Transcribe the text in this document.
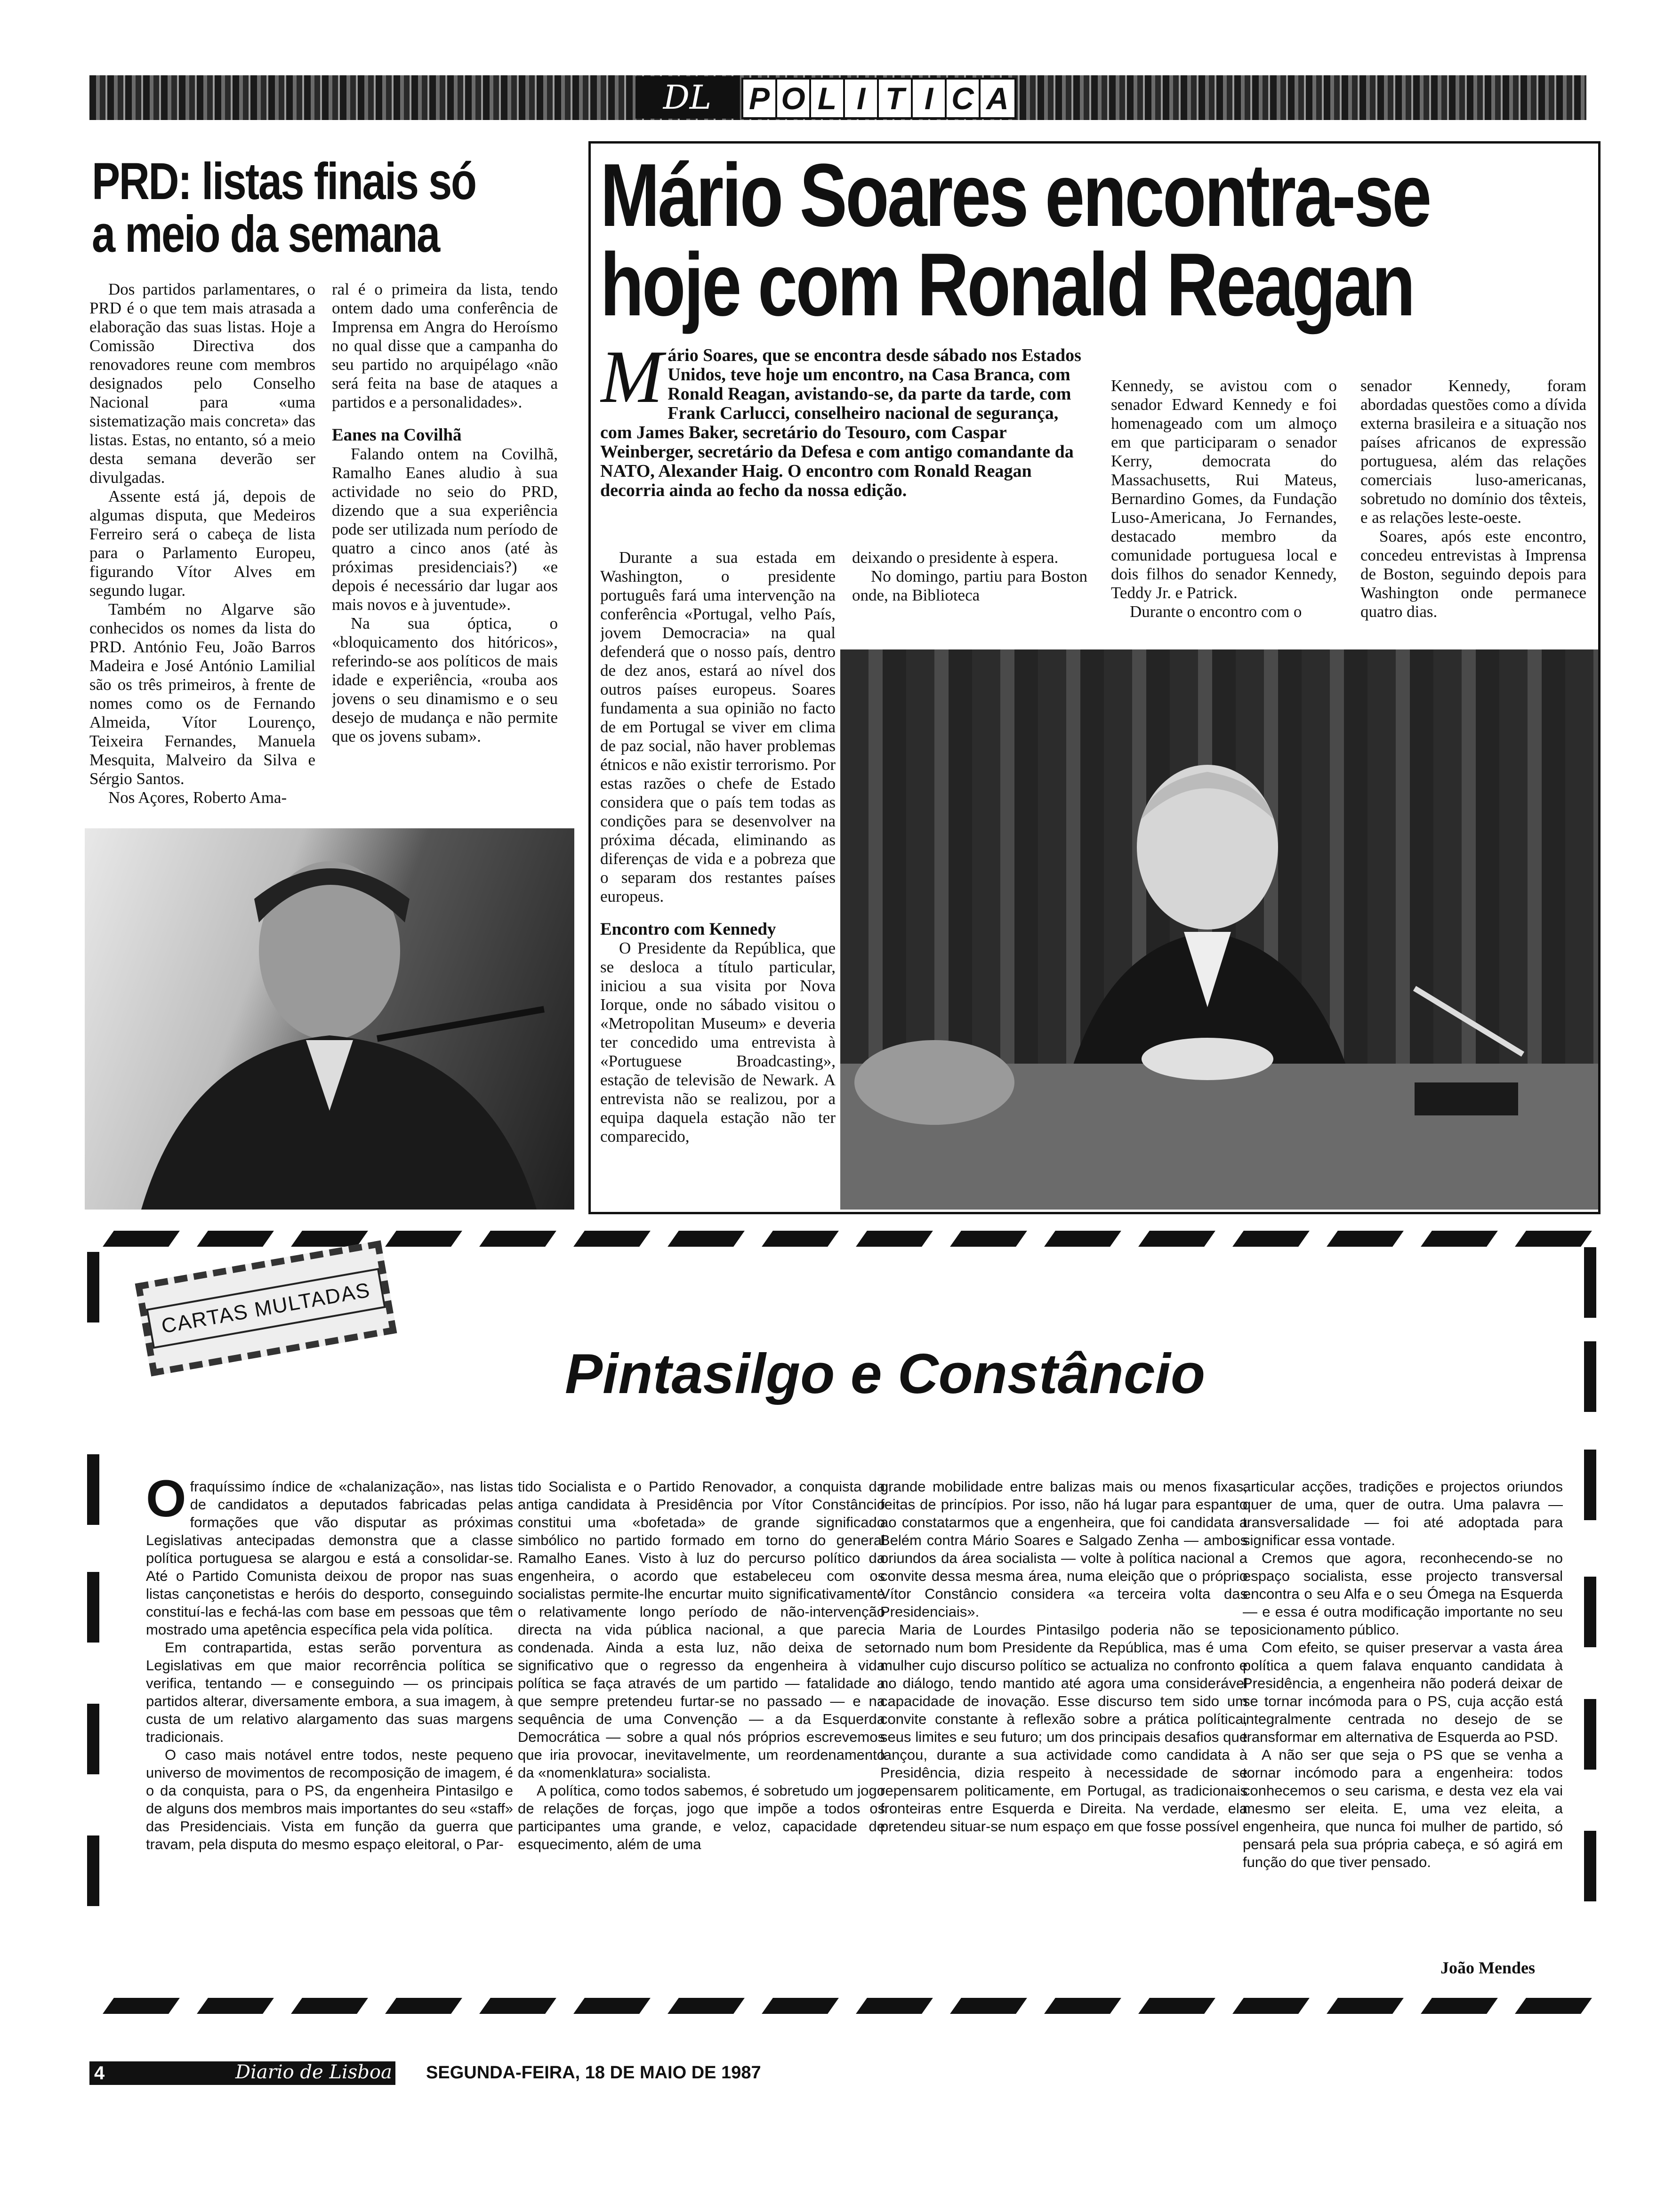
DL	P O L I T I C A
PRD: listas finais só
a meio da semana

Dos partidos parlamentares, o PRD é o que tem mais atrasada a elaboração das suas listas. Hoje a Comissão Directiva dos renovadores reune com membros designados pelo Conselho Nacional para «uma sistematização mais concreta» das listas. Estas, no entanto, só a meio desta semana deverão ser divulgadas.

Assente está já, depois de algumas disputa, que Medeiros Ferreiro será o cabeça de lista para o Parlamento Europeu, figurando Vítor Alves em segundo lugar.

Também no Algarve são conhecidos os nomes da lista do PRD. António Feu, João Barros Madeira e José António Lamilial são os três primeiros, à frente de nomes como os de Fernando Almeida, Vítor Lourenço, Teixeira Fernandes, Manuela Mesquita, Malveiro da Silva e Sérgio Santos.

Nos Açores, Roberto Ama-

ral é o primeira da lista, tendo ontem dado uma conferência de Imprensa em Angra do Heroísmo no qual disse que a campanha do seu partido no arquipélago «não será feita na base de ataques a partidos e a personalidades».

Eanes na Covilhã

Falando ontem na Covilhã, Ramalho Eanes aludio à sua actividade no seio do PRD, dizendo que a sua experiência pode ser utilizada num período de quatro a cinco anos (até às próximas presidenciais?) «e depois é necessário dar lugar aos mais novos e à juventude».

Na sua óptica, o «bloquicamento dos hitóricos», referindo-se aos políticos de mais idade e experiência, «rouba aos jovens o seu dinamismo e o seu desejo de mudança e não permite que os jovens subam».

Mário Soares encontra-se
hoje com Ronald Reagan
M ário Soares, que se encontra desde sábado nos Estados Unidos, teve hoje um encontro, na Casa Branca, com Ronald Reagan, avistando-se, da parte da tarde, com Frank Carlucci, conselheiro nacional de segurança, com James Baker, secretário do Tesouro, com Caspar Weinberger, secretário da Defesa e com antigo comandante da NATO, Alexander Haig. O encontro com Ronald Reagan decorria ainda ao fecho da nossa edição.

Kennedy, se avistou com o senador Edward Kennedy e foi homenageado com um almoço em que participaram o senador Kerry, democrata do Massachusetts, Rui Mateus, Bernardino Gomes, da Fundação Luso-Americana, Jo Fernandes, destacado membro da comunidade portuguesa local e dois filhos do senador Kennedy, Teddy Jr. e Patrick.

Durante o encontro com o

senador Kennedy, foram abordadas questões como a dívida externa brasileira e a situação nos países africanos de expressão portuguesa, além das relações comerciais luso-americanas, sobretudo no domínio dos têxteis, e as relações leste-oeste.

Soares, após este encontro, concedeu entrevistas à Imprensa de Boston, seguindo depois para Washington onde permanece quatro dias.

Durante a sua estada em Washington, o presidente português fará uma intervenção na conferência «Portugal, velho País, jovem Democracia» na qual defenderá que o nosso país, dentro de dez anos, estará ao nível dos outros países europeus. Soares fundamenta a sua opinião no facto de em Portugal se viver em clima de paz social, não haver problemas étnicos e não existir terrorismo. Por estas razões o chefe de Estado considera que o país tem todas as condições para se desenvolver na próxima década, eliminando as diferenças de vida e a pobreza que o separam dos restantes países europeus.

Encontro com Kennedy

O Presidente da República, que se desloca a título particular, iniciou a sua visita por Nova Iorque, onde no sábado visitou o «Metropolitan Museum» e deveria ter concedido uma entrevista à «Portuguese Broadcasting», estação de televisão de Newark. A entrevista não se realizou, por a equipa daquela estação não ter comparecido,

deixando o presidente à espera.

No domingo, partiu para Boston onde, na Biblioteca

CARTAS MULTADAS
Pintasilgo e Constâncio

Ofraquíssimo índice de «chalanização», nas listas de candidatos a deputados fabricadas pelas formações que vão disputar as próximas Legislativas antecipadas demonstra que a classe política portuguesa se alargou e está a consolidar-se. Até o Partido Comunista deixou de propor nas suas listas cançonetistas e heróis do desporto, conseguindo constituí-las e fechá-las com base em pessoas que têm mostrado uma apetência específica pela vida política.

Em contrapartida, estas serão porventura as Legislativas em que maior recorrência política se verifica, tentando — e conseguindo — os principais partidos alterar, diversamente embora, a sua imagem, à custa de um relativo alargamento das suas margens tradicionais.

O caso mais notável entre todos, neste pequeno universo de movimentos de recomposição de imagem, é o da conquista, para o PS, da engenheira Pintasilgo e de alguns dos membros mais importantes do seu «staff» das Presidenciais. Vista em função da guerra que travam, pela disputa do mesmo espaço eleitoral, o Par-

tido Socialista e o Partido Renovador, a conquista da antiga candidata à Presidência por Vítor Constâncio constitui uma «bofetada» de grande significado simbólico no partido formado em torno do general Ramalho Eanes. Visto à luz do percurso político da engenheira, o acordo que estabeleceu com os socialistas permite-lhe encurtar muito significativamente o relativamente longo período de não-intervenção directa na vida pública nacional, a que parecia condenada. Ainda a esta luz, não deixa de ser significativo que o regresso da engenheira à vida política se faça através de um partido — fatalidade a que sempre pretendeu furtar-se no passado — e na sequência de uma Convenção — a da Esquerda Democrática — sobre a qual nós próprios escrevemos que iria provocar, inevitavelmente, um reordenamento da «nomenklatura» socialista.

A política, como todos sabemos, é sobretudo um jogo de relações de forças, jogo que impõe a todos os participantes uma grande, e veloz, capacidade de esquecimento, além de uma

grande mobilidade entre balizas mais ou menos fixas, feitas de princípios. Por isso, não há lugar para espanto ao constatarmos que a engenheira, que foi candidata a Belém contra Mário Soares e Salgado Zenha — ambos oriundos da área socialista — volte à política nacional a convite dessa mesma área, numa eleição que o próprio Vítor Constâncio considera «a terceira volta das Presidenciais».

Maria de Lourdes Pintasilgo poderia não se ter tornado num bom Presidente da República, mas é uma mulher cujo discurso político se actualiza no confronto e no diálogo, tendo mantido até agora uma considerável capacidade de inovação. Esse discurso tem sido um convite constante à reflexão sobre a prática política, seus limites e seu futuro; um dos principais desafios que lançou, durante a sua actividade como candidata à Presidência, dizia respeito à necessidade de se repensarem politicamente, em Portugal, as tradicionais fronteiras entre Esquerda e Direita. Na verdade, ela pretendeu situar-se num espaço em que fosse possível

articular acções, tradições e projectos oriundos quer de uma, quer de outra. Uma palavra — transversalidade — foi até adoptada para significar essa vontade.

Cremos que agora, reconhecendo-se no espaço socialista, esse projecto transversal encontra o seu Alfa e o seu Ómega na Esquerda — e essa é outra modificação importante no seu posicionamento público.

Com efeito, se quiser preservar a vasta área política a quem falava enquanto candidata à Presidência, a engenheira não poderá deixar de se tornar incómoda para o PS, cuja acção está integralmente centrada no desejo de se transformar em alternativa de Esquerda ao PSD.

A não ser que seja o PS que se venha a tornar incómodo para a engenheira: todos conhecemos o seu carisma, e desta vez ela vai mesmo ser eleita. E, uma vez eleita, a engenheira, que nunca foi mulher de partido, só pensará pela sua própria cabeça, e só agirá em função do que tiver pensado.

João Mendes
4	Diario de Lisboa SEGUNDA-FEIRA, 18 DE MAIO DE 1987
